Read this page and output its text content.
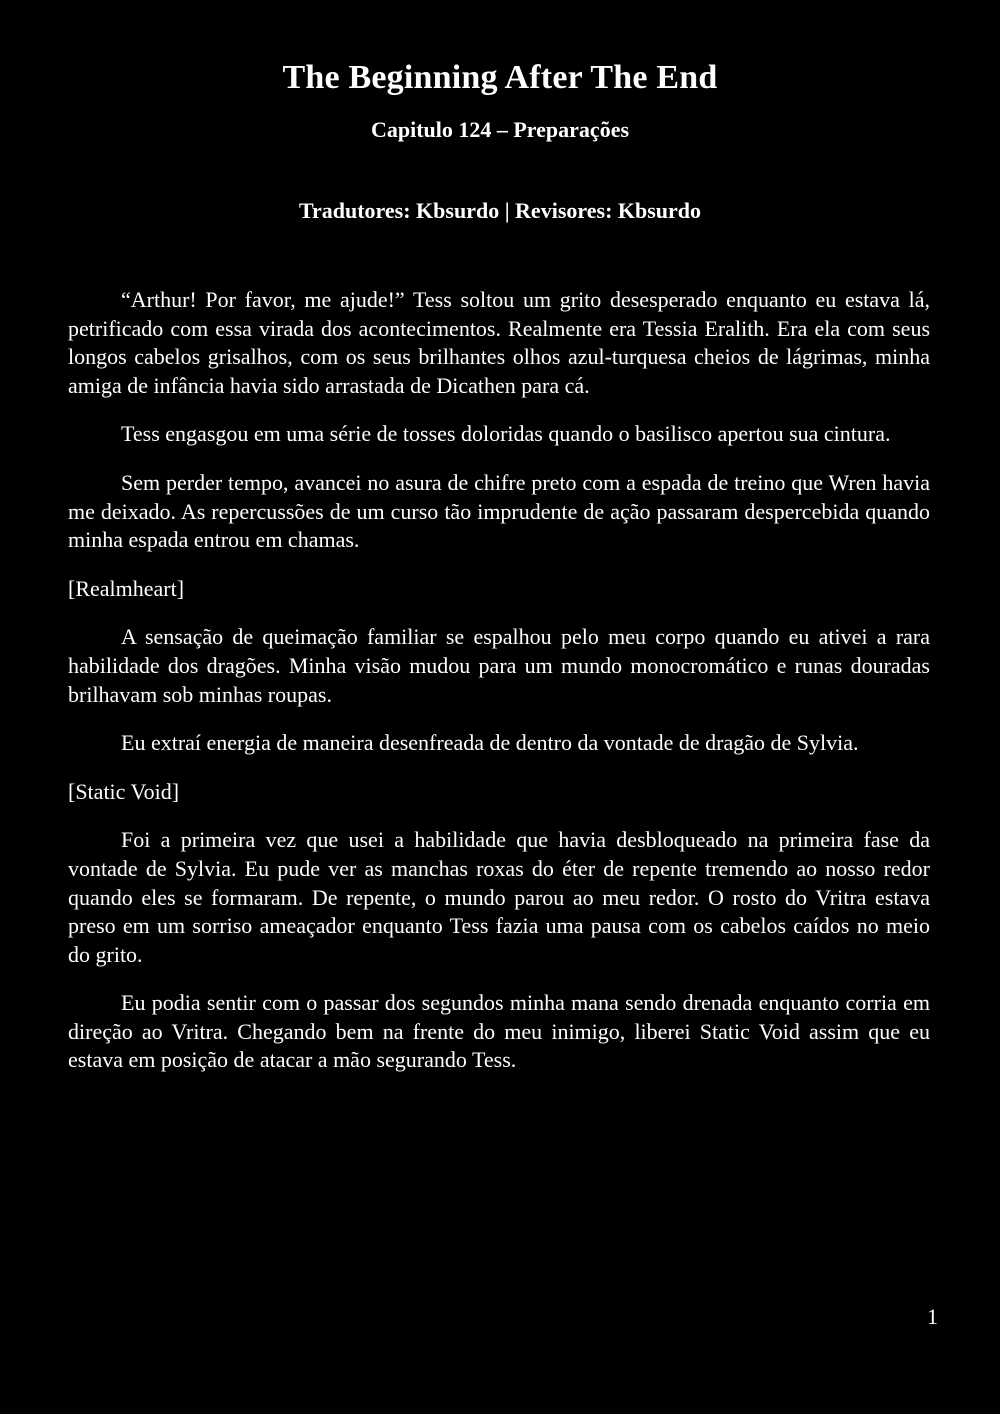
The Beginning After The End
Capitulo 124 – Preparações
Tradutores: Kbsurdo | Revisores: Kbsurdo

“Arthur! Por favor, me ajude!” Tess soltou um grito desesperado enquanto eu estava lá, petrificado com essa virada dos acontecimentos. Realmente era Tessia Eralith. Era ela com seus longos cabelos grisalhos, com os seus brilhantes olhos azul-turquesa cheios de lágrimas, minha amiga de infância havia sido arrastada de Dicathen para cá.

Tess engasgou em uma série de tosses doloridas quando o basilisco apertou sua cintura.

Sem perder tempo, avancei no asura de chifre preto com a espada de treino que Wren havia me deixado. As repercussões de um curso tão imprudente de ação passaram despercebida quando minha espada entrou em chamas.

[Realmheart]

A sensação de queimação familiar se espalhou pelo meu corpo quando eu ativei a rara habilidade dos dragões. Minha visão mudou para um mundo monocromático e runas douradas brilhavam sob minhas roupas.

Eu extraí energia de maneira desenfreada de dentro da vontade de dragão de Sylvia.

[Static Void]

Foi a primeira vez que usei a habilidade que havia desbloqueado na primeira fase da vontade de Sylvia. Eu pude ver as manchas roxas do éter de repente tremendo ao nosso redor quando eles se formaram. De repente, o mundo parou ao meu redor. O rosto do Vritra estava preso em um sorriso ameaçador enquanto Tess fazia uma pausa com os cabelos caídos no meio do grito.

Eu podia sentir com o passar dos segundos minha mana sendo drenada enquanto corria em direção ao Vritra. Chegando bem na frente do meu inimigo, liberei Static Void assim que eu estava em posição de atacar a mão segurando Tess.

1
